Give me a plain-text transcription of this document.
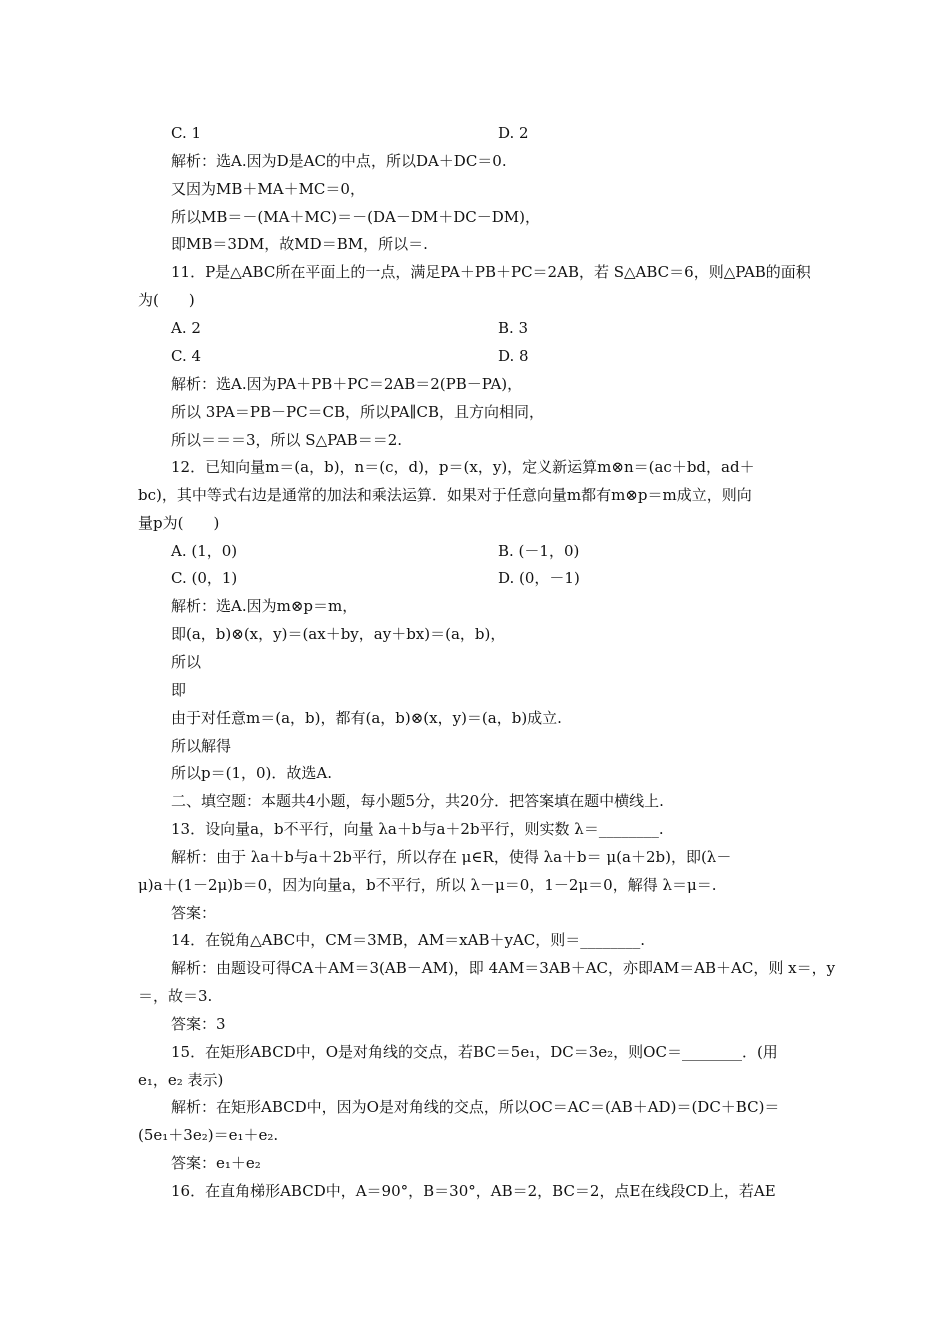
C. 1	D. 2
解析：选A.因为D是AC的中点，所以DA＋DC＝0.
又因为MB＋MA＋MC＝0，
所以MB＝－(MA＋MC)＝－(DA－DM＋DC－DM)，
即MB＝3DM，故MD＝BM，所以＝.
11．P是△ABC所在平面上的一点，满足PA＋PB＋PC＝2AB，若 S△ABC＝6，则△PAB的面积
为(　　)
A. 2	B. 3
C. 4	D. 8
解析：选A.因为PA＋PB＋PC＝2AB＝2(PB－PA)，
所以 3PA＝PB－PC＝CB，所以PA∥CB，且方向相同，
所以＝＝＝3，所以 S△PAB＝＝2.
12．已知向量m＝(a，b)，n＝(c，d)，p＝(x，y)，定义新运算m⊗n＝(ac＋bd，ad＋
bc)，其中等式右边是通常的加法和乘法运算．如果对于任意向量m都有m⊗p＝m成立，则向
量p为(　　)
A. (1，0)	B. (－1，0)
C. (0，1)	D. (0，－1)
解析：选A.因为m⊗p＝m，
即(a，b)⊗(x，y)＝(ax＋by，ay＋bx)＝(a，b)，
所以
即
由于对任意m＝(a，b)，都有(a，b)⊗(x，y)＝(a，b)成立.
所以解得
所以p＝(1，0)．故选A.
二、填空题：本题共4小题，每小题5分，共20分．把答案填在题中横线上.
13．设向量a，b不平行，向量 λa＋b与a＋2b平行，则实数 λ＝________.
解析：由于 λa＋b与a＋2b平行，所以存在 μ∈R，使得 λa＋b＝ μ(a＋2b)，即(λ－
μ)a＋(1－2μ)b＝0，因为向量a，b不平行，所以 λ－μ＝0，1－2μ＝0，解得 λ＝μ＝.
答案：
14．在锐角△ABC中，CM＝3MB，AM＝xAB＋yAC，则＝________.
解析：由题设可得CA＋AM＝3(AB－AM)，即 4AM＝3AB＋AC，亦即AM＝AB＋AC，则 x＝，y
＝，故＝3.
答案：3
15．在矩形ABCD中，O是对角线的交点，若BC＝5e₁，DC＝3e₂，则OC＝________．(用
e₁，e₂ 表示)
解析：在矩形ABCD中，因为O是对角线的交点，所以OC＝AC＝(AB＋AD)＝(DC＋BC)＝
(5e₁＋3e₂)＝e₁＋e₂.
答案：e₁＋e₂
16．在直角梯形ABCD中，A＝90°，B＝30°，AB＝2，BC＝2，点E在线段CD上，若AE
